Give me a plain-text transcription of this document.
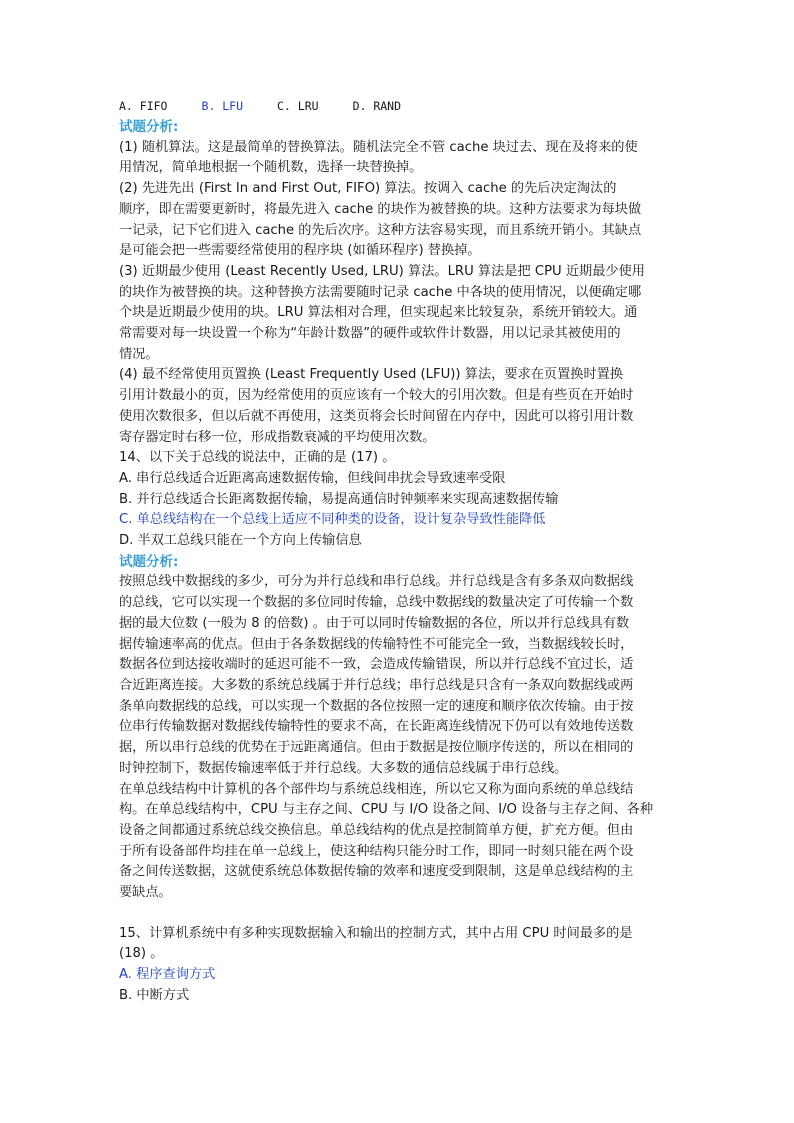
A. FIFO	B. LFU	C. LRU	D. RAND
试题分析:
(1) 随机算法。这是最简单的替换算法。随机法完全不管 cache 块过去、现在及将来的使
用情况，简单地根据一个随机数，选择一块替换掉。
(2) 先进先出 (First In and First Out, FIFO) 算法。按调入 cache 的先后决定淘汰的
顺序，即在需要更新时，将最先进入 cache 的块作为被替换的块。这种方法要求为每块做
一记录，记下它们进入 cache 的先后次序。这种方法容易实现，而且系统开销小。其缺点
是可能会把一些需要经常使用的程序块 (如循环程序) 替换掉。
(3) 近期最少使用 (Least Recently Used, LRU) 算法。LRU 算法是把 CPU 近期最少使用
的块作为被替换的块。这种替换方法需要随时记录 cache 中各块的使用情况，以便确定哪
个块是近期最少使用的块。LRU 算法相对合理，但实现起来比较复杂，系统开销较大。通
常需要对每一块设置一个称为“年龄计数器”的硬件或软件计数器，用以记录其被使用的
情况。
(4) 最不经常使用页置换 (Least Frequently Used (LFU)) 算法，要求在页置换时置换
引用计数最小的页，因为经常使用的页应该有一个较大的引用次数。但是有些页在开始时
使用次数很多，但以后就不再使用，这类页将会长时间留在内存中，因此可以将引用计数
寄存器定时右移一位，形成指数衰减的平均使用次数。
14、以下关于总线的说法中，正确的是 (17) 。
A. 串行总线适合近距离高速数据传输，但线间串扰会导致速率受限
B. 并行总线适合长距离数据传输，易提高通信时钟频率来实现高速数据传输
C. 单总线结构在一个总线上适应不同种类的设备，设计复杂导致性能降低
D. 半双工总线只能在一个方向上传输信息
试题分析:
按照总线中数据线的多少，可分为并行总线和串行总线。并行总线是含有多条双向数据线
的总线，它可以实现一个数据的多位同时传输，总线中数据线的数量决定了可传输一个数
据的最大位数 (一般为 8 的倍数) 。由于可以同时传输数据的各位，所以并行总线具有数
据传输速率高的优点。但由于各条数据线的传输特性不可能完全一致，当数据线较长时，
数据各位到达接收端时的延迟可能不一致，会造成传输错误，所以并行总线不宜过长，适
合近距离连接。大多数的系统总线属于并行总线；串行总线是只含有一条双向数据线或两
条单向数据线的总线，可以实现一个数据的各位按照一定的速度和顺序依次传输。由于按
位串行传输数据对数据线传输特性的要求不高，在长距离连线情况下仍可以有效地传送数
据，所以串行总线的优势在于远距离通信。但由于数据是按位顺序传送的，所以在相同的
时钟控制下，数据传输速率低于并行总线。大多数的通信总线属于串行总线。
在单总线结构中计算机的各个部件均与系统总线相连，所以它又称为面向系统的单总线结
构。在单总线结构中，CPU 与主存之间、CPU 与 I/O 设备之间、I/O 设备与主存之间、各种
设备之间都通过系统总线交换信息。单总线结构的优点是控制简单方便，扩充方便。但由
于所有设备部件均挂在单一总线上，使这种结构只能分时工作，即同一时刻只能在两个设
备之间传送数据，这就使系统总体数据传输的效率和速度受到限制，这是单总线结构的主
要缺点。
15、计算机系统中有多种实现数据输入和输出的控制方式，其中占用 CPU 时间最多的是
(18) 。
A. 程序查询方式
B. 中断方式
